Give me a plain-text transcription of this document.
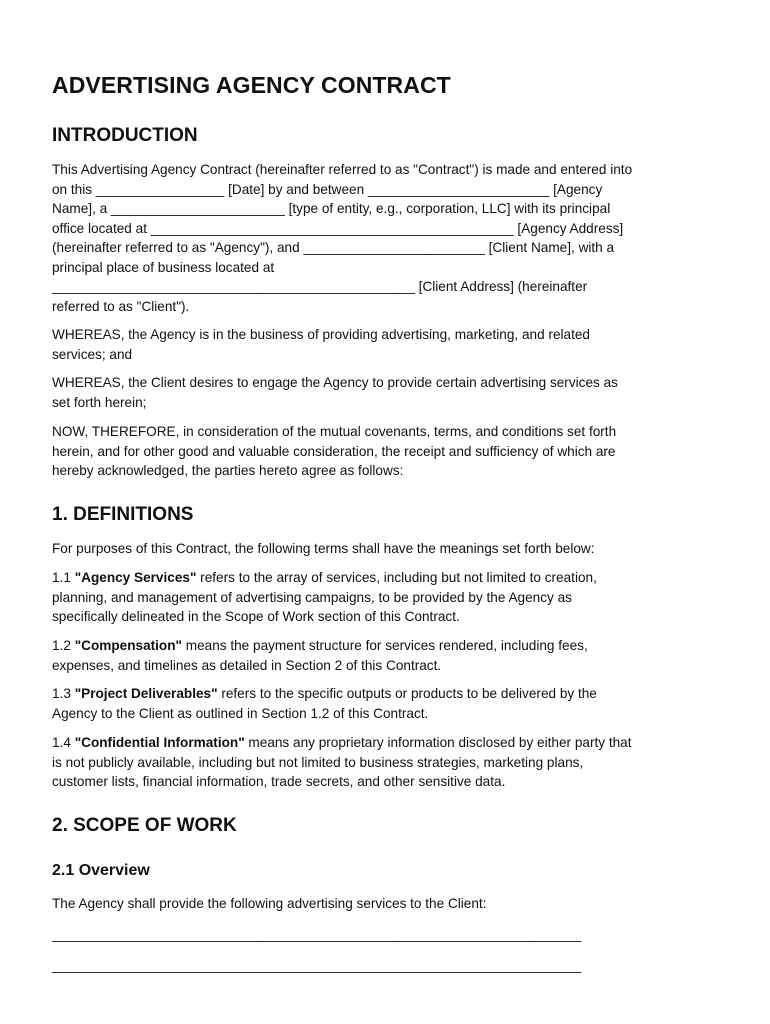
ADVERTISING AGENCY CONTRACT
INTRODUCTION
This Advertising Agency Contract (hereinafter referred to as "Contract") is made and entered into
on this _________________ [Date] by and between ________________________ [Agency
Name], a _______________________ [type of entity, e.g., corporation, LLC] with its principal
office located at ________________________________________________ [Agency Address]
(hereinafter referred to as "Agency"), and ________________________ [Client Name], with a
principal place of business located at
________________________________________________ [Client Address] (hereinafter
referred to as "Client").
WHEREAS, the Agency is in the business of providing advertising, marketing, and related
services; and
WHEREAS, the Client desires to engage the Agency to provide certain advertising services as
set forth herein;
NOW, THEREFORE, in consideration of the mutual covenants, terms, and conditions set forth
herein, and for other good and valuable consideration, the receipt and sufficiency of which are
hereby acknowledged, the parties hereto agree as follows:
1. DEFINITIONS
For purposes of this Contract, the following terms shall have the meanings set forth below:
1.1 "Agency Services" refers to the array of services, including but not limited to creation,
planning, and management of advertising campaigns, to be provided by the Agency as
specifically delineated in the Scope of Work section of this Contract.
1.2 "Compensation" means the payment structure for services rendered, including fees,
expenses, and timelines as detailed in Section 2 of this Contract.
1.3 "Project Deliverables" refers to the specific outputs or products to be delivered by the
Agency to the Client as outlined in Section 1.2 of this Contract.
1.4 "Confidential Information" means any proprietary information disclosed by either party that
is not publicly available, including but not limited to business strategies, marketing plans,
customer lists, financial information, trade secrets, and other sensitive data.
2. SCOPE OF WORK
2.1 Overview
The Agency shall provide the following advertising services to the Client:
______________________________________________________________________
______________________________________________________________________
